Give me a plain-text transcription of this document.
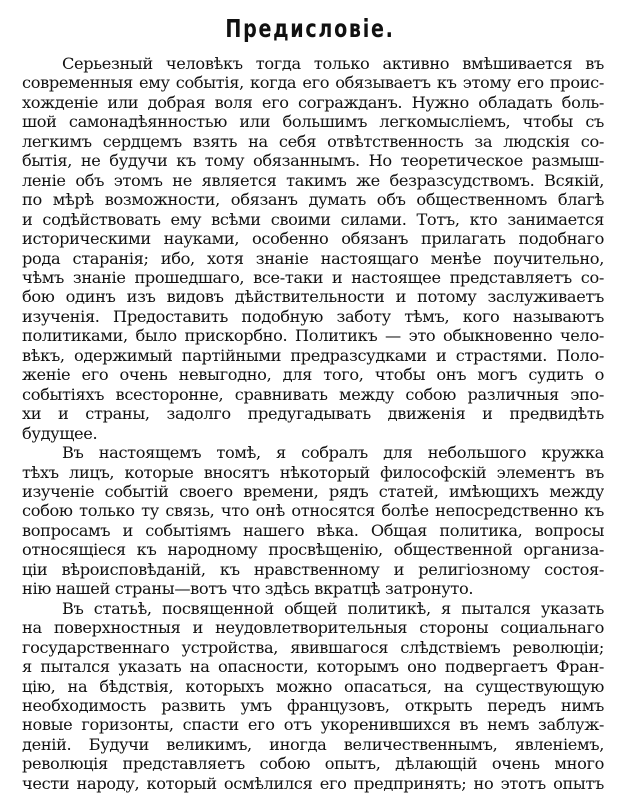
Предисловіе.
Серьезный человѣкъ тогда только активно вмѣшивается въ
современныя ему событія, когда его обязываетъ къ этому его проис-
хожденіе или добрая воля его согражданъ. Нужно обладать боль-
шой самонадѣянностью или большимъ легкомысліемъ, чтобы съ
легкимъ сердцемъ взять на себя отвѣтственность за людскія со-
бытія, не будучи къ тому обязаннымъ. Но теоретическое размыш-
леніе объ этомъ не является такимъ же безразсудствомъ. Всякій,
по мѣрѣ возможности, обязанъ думать объ общественномъ благѣ
и содѣйствовать ему всѣми своими силами. Тотъ, кто занимается
историческими науками, особенно обязанъ прилагать подобнаго
рода старанія; ибо, хотя знаніе настоящаго менѣе поучительно,
чѣмъ знаніе прошедшаго, все-таки и настоящее представляетъ со-
бою одинъ изъ видовъ дѣйствительности и потому заслуживаетъ
изученія. Предоставить подобную заботу тѣмъ, кого называютъ
политиками, было прискорбно. Политикъ — это обыкновенно чело-
вѣкъ, одержимый партійными предразсудками и страстями. Поло-
женіе его очень невыгодно, для того, чтобы онъ могъ судить о
событіяхъ всесторонне, сравнивать между собою различныя эпо-
хи и страны, задолго предугадывать движенія и предвидѣть
будущее.
Въ настоящемъ томѣ, я собралъ для небольшого кружка
тѣхъ лицъ, которые вносятъ нѣкоторый философскій элементъ въ
изученіе событій своего времени, рядъ статей, имѣющихъ между
собою только ту связь, что онѣ относятся болѣе непосредственно къ
вопросамъ и событіямъ нашего вѣка. Общая политика, вопросы
относящіеся къ народному просвѣщенію, общественной организа-
ціи вѣроисповѣданій, къ нравственному и религіозному состоя-
нію нашей страны—вотъ что здѣсь вкратцѣ затронуто.
Въ статьѣ, посвященной общей политикѣ, я пытался указать
на поверхностныя и неудовлетворительныя стороны социальнаго
государственнаго устройства, явившагося слѣдствіемъ революціи;
я пытался указать на опасности, которымъ оно подвергаетъ Фран-
цію, на бѣдствія, которыхъ можно опасаться, на существующую
необходимость развить умъ французовъ, открыть передъ нимъ
новые горизонты, спасти его отъ укоренившихся въ немъ заблуж-
деній. Будучи великимъ, иногда величественнымъ, явленіемъ,
революція представляетъ собою опытъ, дѣлающій очень много
чести народу, который осмѣлился его предпринять; но этотъ опытъ
